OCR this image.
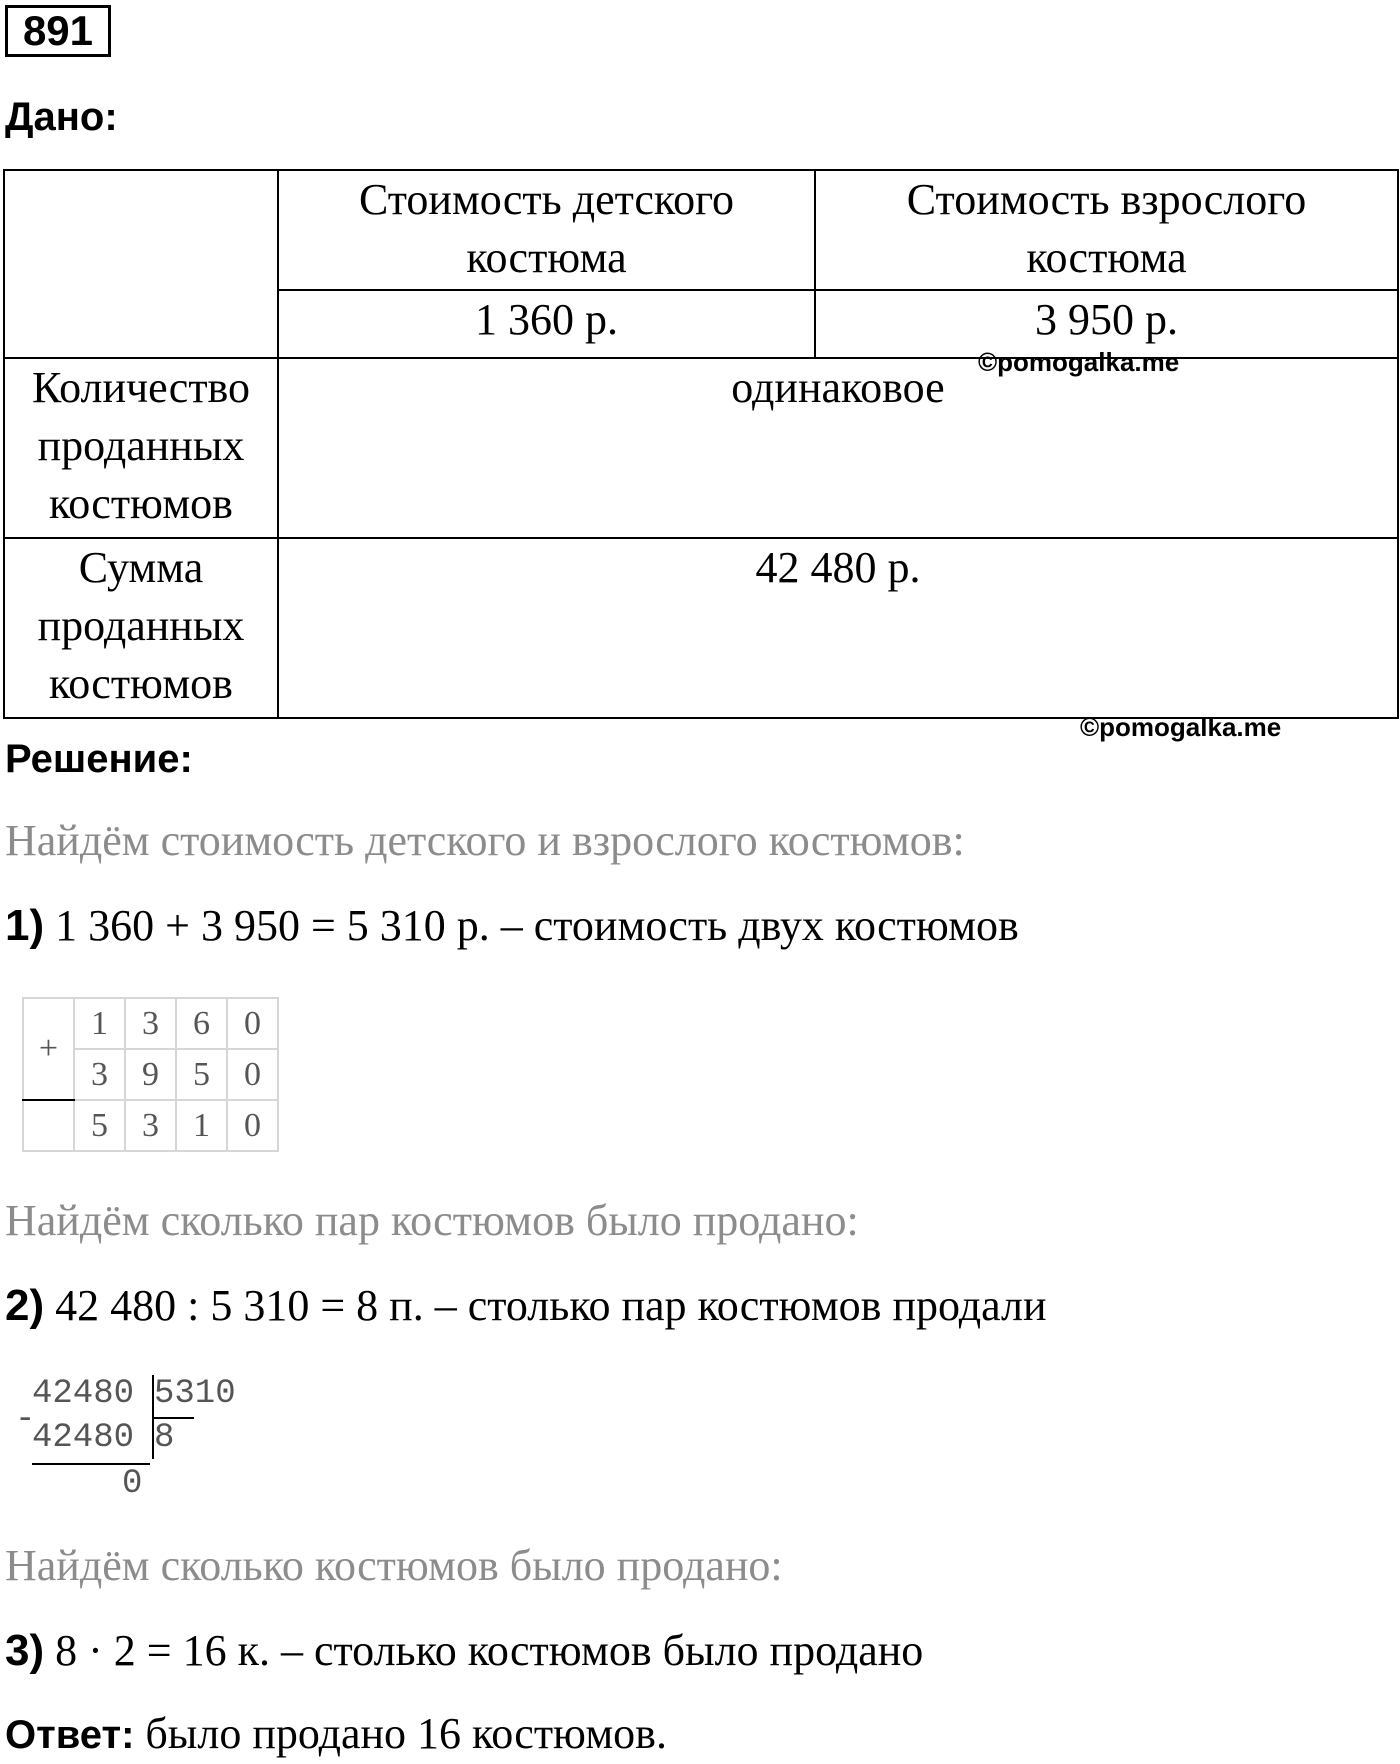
891
Дано:
	Стоимость детского костюма	Стоимость взрослого костюма
	1 360 р.	3 950 р.
Количество проданных костюмов	одинаковое	
Сумма проданных костюмов	42 480 р.	
©pomogalka.me
©pomogalka.me
Решение:
Найдём стоимость детского и взрослого костюмов:
1) 1 360 + 3 950 = 5 310 р. – стоимость двух костюмов
+	1	3	6	0
	3	9	5	0
	5	3	1	0
Найдём сколько пар костюмов было продано:
2) 42 480 : 5 310 = 8 п. – столько пар костюмов продали
42480 5310
-
42480 8
0
Найдём сколько костюмов было продано:
3) 8 · 2 = 16 к. – столько костюмов было продано
Ответ: было продано 16 костюмов.
